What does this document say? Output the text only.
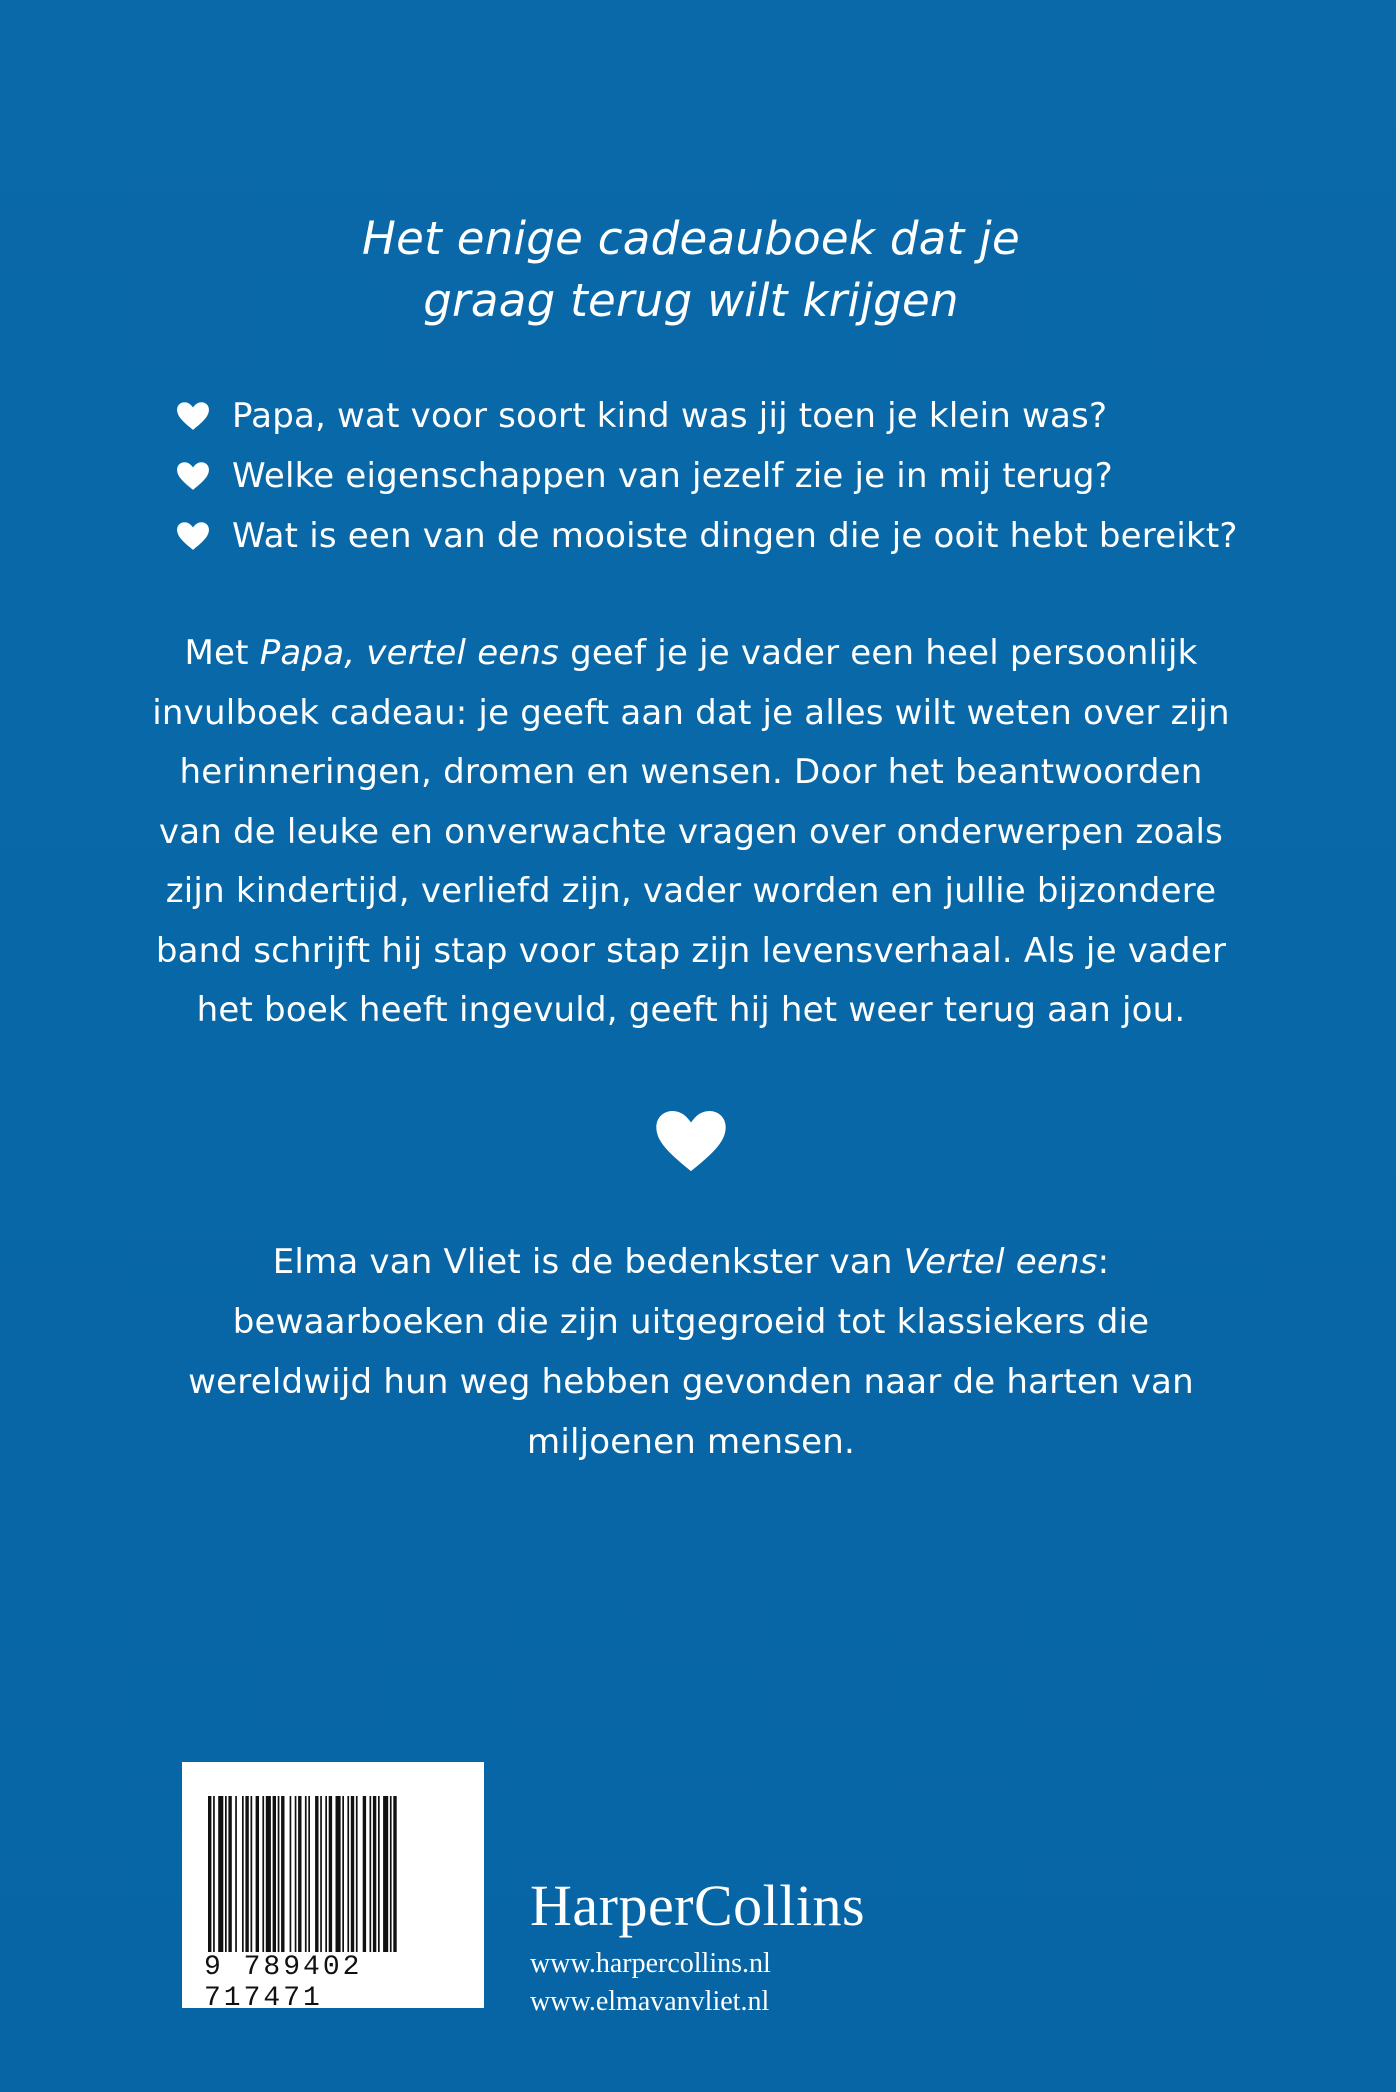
Het enige cadeauboek dat je
graag terug wilt krijgen
Papa, wat voor soort kind was jij toen je klein was?
Welke eigenschappen van jezelf zie je in mij terug?
Wat is een van de mooiste dingen die je ooit hebt bereikt?
Met Papa, vertel eens geef je je vader een heel persoonlijk
invulboek cadeau: je geeft aan dat je alles wilt weten over zijn
herinneringen, dromen en wensen. Door het beantwoorden
van de leuke en onverwachte vragen over onderwerpen zoals
zijn kindertijd, verliefd zijn, vader worden en jullie bijzondere
band schrijft hij stap voor stap zijn levensverhaal. Als je vader
het boek heeft ingevuld, geeft hij het weer terug aan jou.
Elma van Vliet is de bedenkster van Vertel eens:
bewaarboeken die zijn uitgegroeid tot klassiekers die
wereldwijd hun weg hebben gevonden naar de harten van
miljoenen mensen.
9 789402 717471
HarperCollins
www.harpercollins.nl
www.elmavanvliet.nl
